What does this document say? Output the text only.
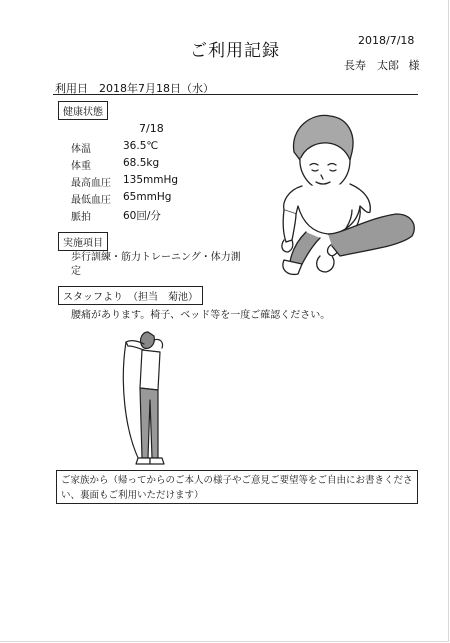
ご利用記録
2018/7/18
長寿　太郎 様
利用日　2018年7月18日（水）
健康状態
7/18
体温	36.5℃
体重	68.5kg
最高血圧 135mmHg
最低血圧 65mmHg
脈拍	60回/分
実施項目
歩行訓練・筋力トレーニング・体力測定
スタッフより　（担当　菊池）
腰痛があります。椅子、ベッド等を一度ご確認ください。
ご家族から（帰ってからのご本人の様子やご意見ご要望等をご自由にお書きください、裏面もご利用いただけます）
